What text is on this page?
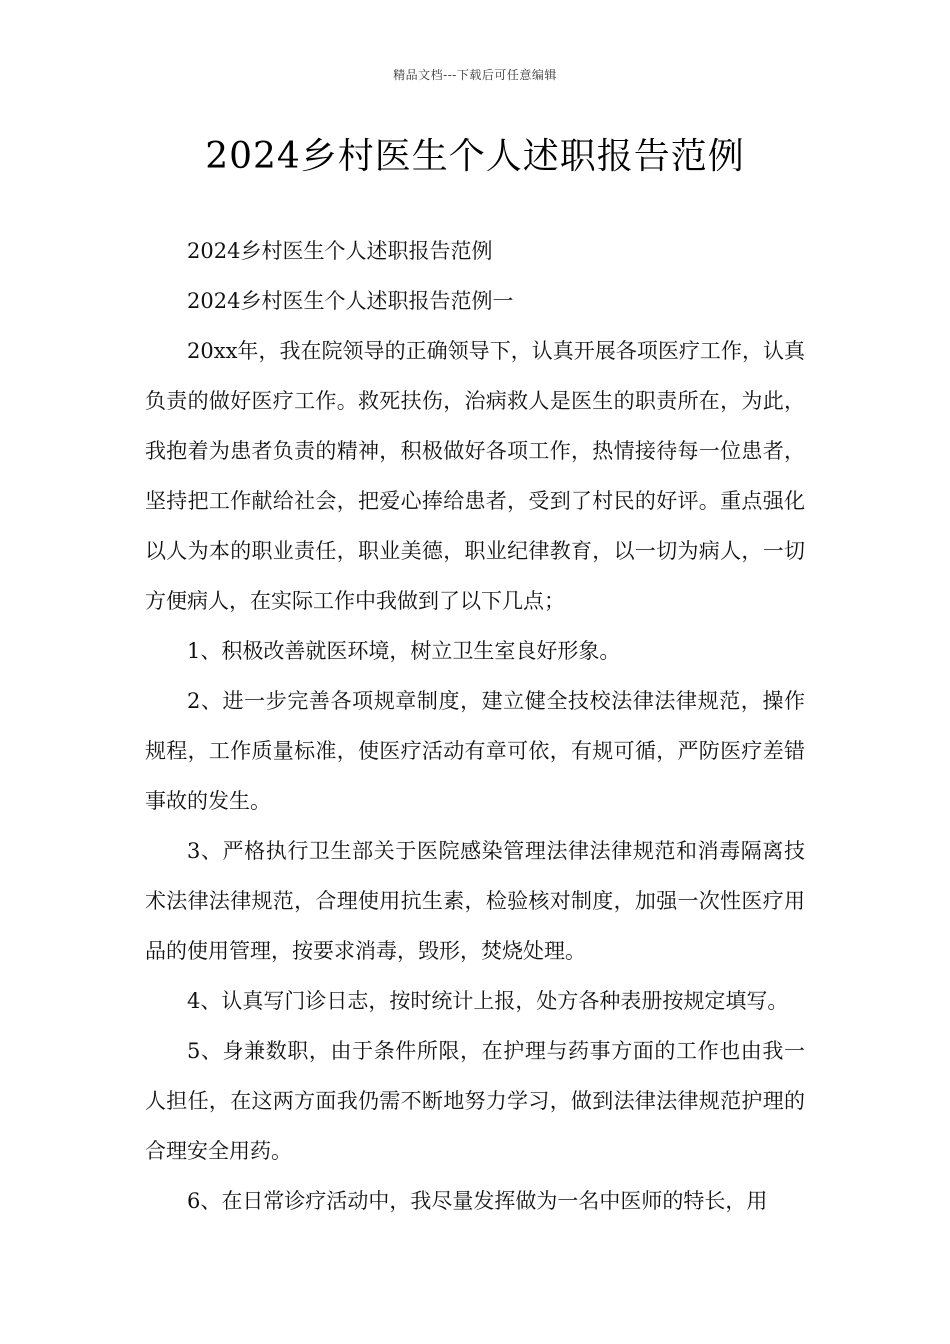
精品文档---下载后可任意编辑
2024乡村医生个人述职报告范例

2024乡村医生个人述职报告范例

2024乡村医生个人述职报告范例一

20xx年，我在院领导的正确领导下，认真开展各项医疗工作，认真负责的做好医疗工作。救死扶伤，治病救人是医生的职责所在，为此，我抱着为患者负责的精神，积极做好各项工作，热情接待每一位患者，坚持把工作献给社会，把爱心捧给患者，受到了村民的好评。重点强化以人为本的职业责任，职业美德，职业纪律教育，以一切为病人，一切方便病人，在实际工作中我做到了以下几点；

1、积极改善就医环境，树立卫生室良好形象。

2、进一步完善各项规章制度，建立健全技校法律法律规范，操作规程，工作质量标准，使医疗活动有章可依，有规可循，严防医疗差错事故的发生。

3、严格执行卫生部关于医院感染管理法律法律规范和消毒隔离技术法律法律规范，合理使用抗生素，检验核对制度，加强一次性医疗用品的使用管理，按要求消毒，毁形，焚烧处理。

4、认真写门诊日志，按时统计上报，处方各种表册按规定填写。

5、身兼数职，由于条件所限，在护理与药事方面的工作也由我一人担任，在这两方面我仍需不断地努力学习，做到法律法律规范护理的合理安全用药。

6、在日常诊疗活动中，我尽量发挥做为一名中医师的特长，用
